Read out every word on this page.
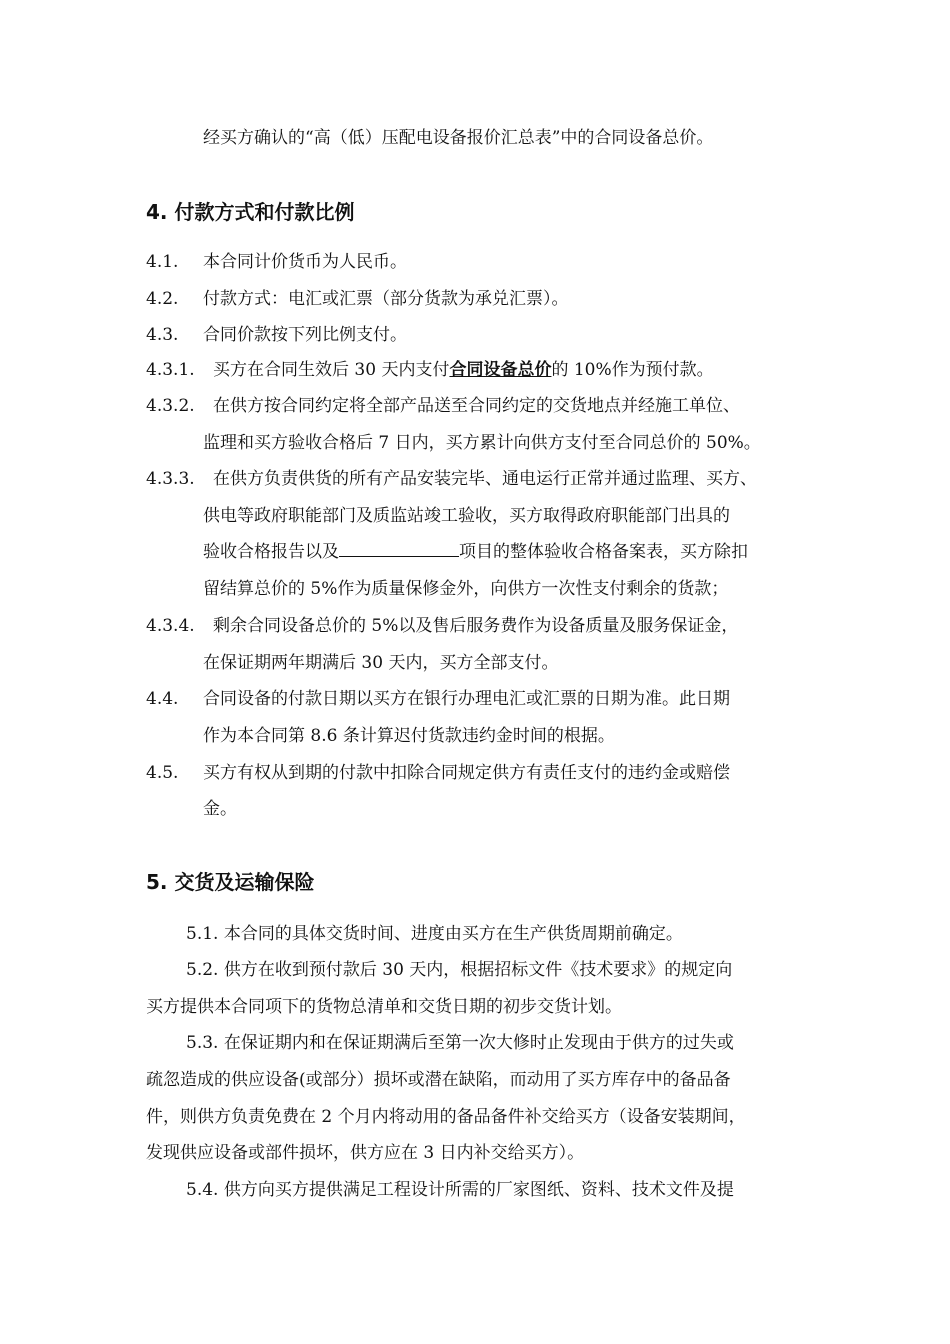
经买方确认的“高（低）压配电设备报价汇总表”中的合同设备总价。
4. 付款方式和付款比例
4.1. 本合同计价货币为人民币。
4.2. 付款方式：电汇或汇票（部分货款为承兑汇票）。
4.3. 合同价款按下列比例支付。
4.3.1. 买方在合同生效后 30 天内支付合同设备总价的 10%作为预付款。
4.3.2. 在供方按合同约定将全部产品送至合同约定的交货地点并经施工单位、
监理和买方验收合格后 7 日内，买方累计向供方支付至合同总价的 50%。
4.3.3. 在供方负责供货的所有产品安装完毕、通电运行正常并通过监理、买方、
供电等政府职能部门及质监站竣工验收，买方取得政府职能部门出具的
验收合格报告以及	项目的整体验收合格备案表，买方除扣
留结算总价的 5%作为质量保修金外，向供方一次性支付剩余的货款；
4.3.4. 剩余合同设备总价的 5%以及售后服务费作为设备质量及服务保证金，
在保证期两年期满后 30 天内，买方全部支付。
4.4. 合同设备的付款日期以买方在银行办理电汇或汇票的日期为准。此日期
作为本合同第 8.6 条计算迟付货款违约金时间的根据。
4.5. 买方有权从到期的付款中扣除合同规定供方有责任支付的违约金或赔偿
金。
5. 交货及运输保险
5.1. 本合同的具体交货时间、进度由买方在生产供货周期前确定。
5.2. 供方在收到预付款后 30 天内，根据招标文件《技术要求》的规定向
买方提供本合同项下的货物总清单和交货日期的初步交货计划。
5.3. 在保证期内和在保证期满后至第一次大修时止发现由于供方的过失或
疏忽造成的供应设备(或部分）损坏或潜在缺陷，而动用了买方库存中的备品备
件，则供方负责免费在 2 个月内将动用的备品备件补交给买方（设备安装期间，
发现供应设备或部件损坏，供方应在 3 日内补交给买方）。
5.4. 供方向买方提供满足工程设计所需的厂家图纸、资料、技术文件及提
